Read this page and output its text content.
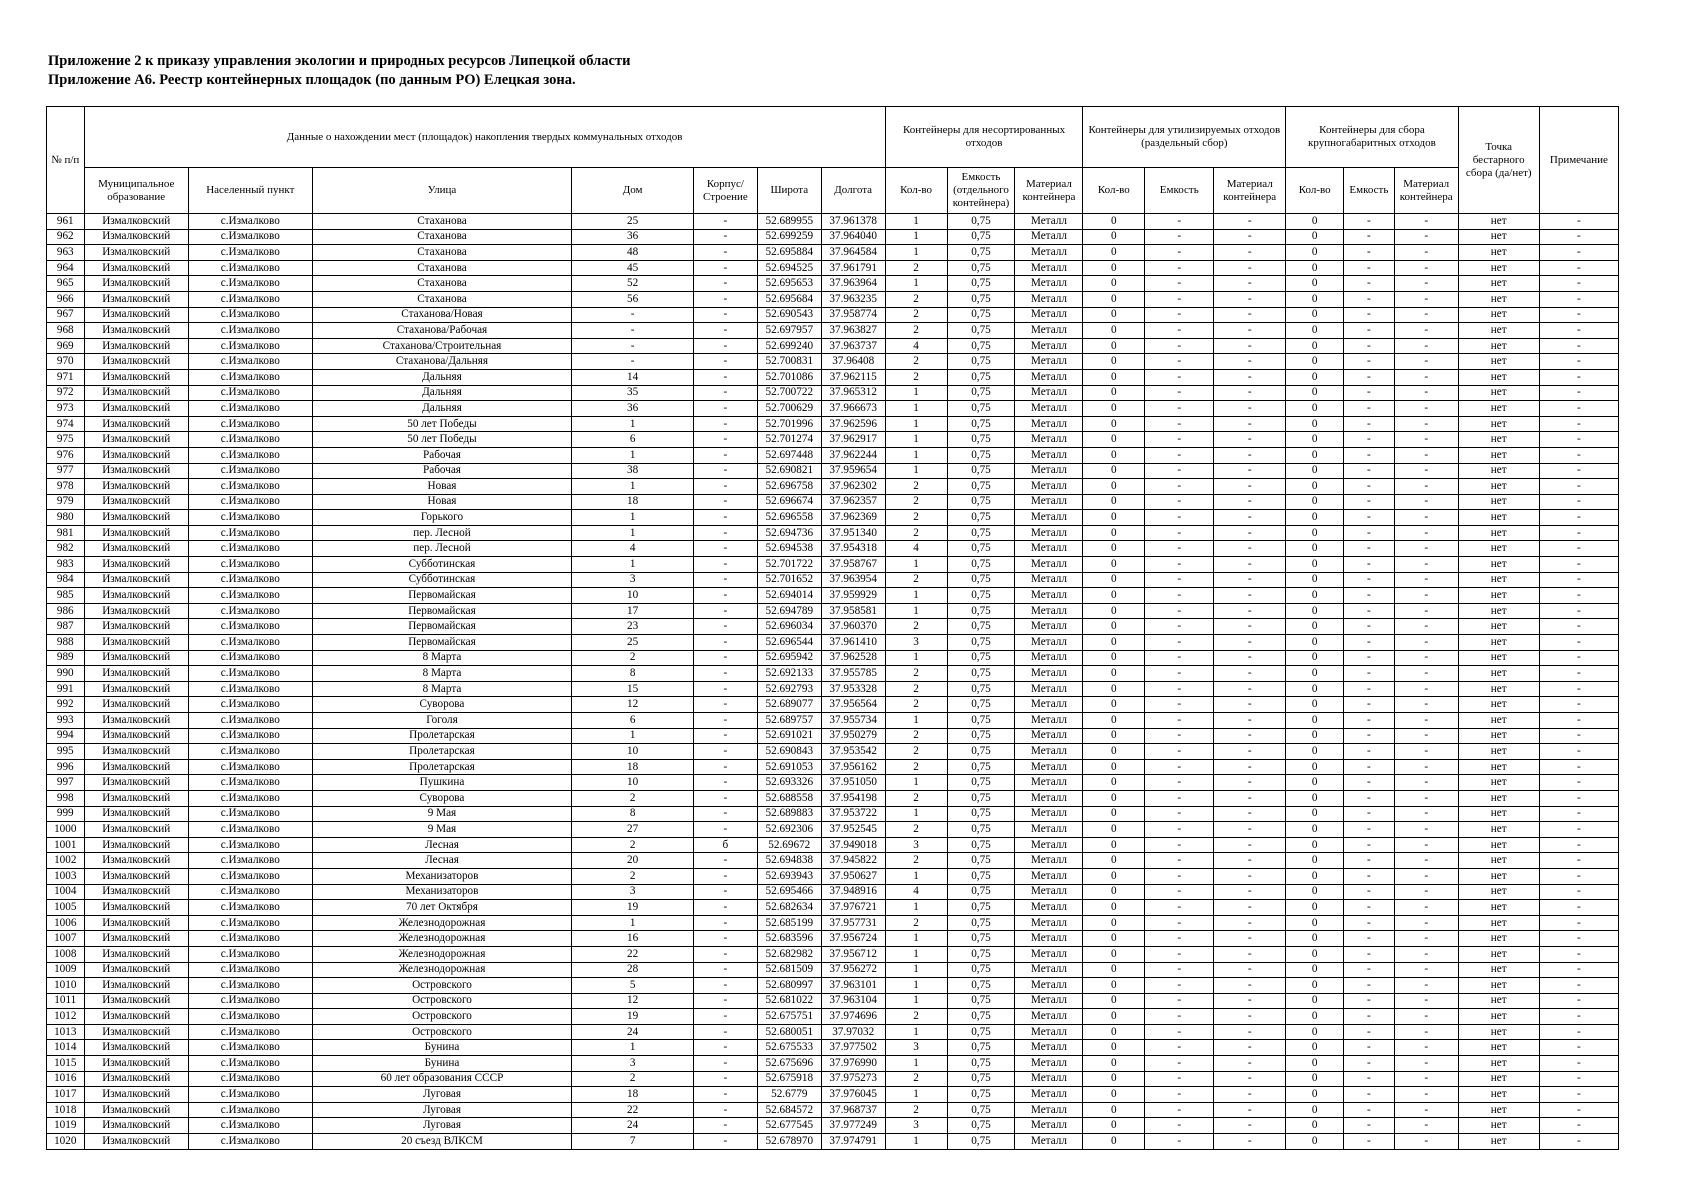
Приложение 2 к приказу управления экологии и природных ресурсов Липецкой области
Приложение А6. Реестр контейнерных площадок (по данным РО) Елецкая зона.
№ п/п	Данные о нахождении мест (площадок) накопления твердых коммунальных отходов							Контейнеры для несортированных отходов			Контейнеры для утилизируемых отходов (раздельный сбор)			Контейнеры для сбора крупногабаритных отходов			Точка бестарного сбора (да/нет)	Примечание
	Муниципальное образование	Населенный пункт	Улица	Дом	Корпус/ Строение	Широта	Долгота	Кол-во	Емкость (отдельного контейнера)	Материал контейнера	Кол-во	Емкость	Материал контейнера	Кол-во	Емкость	Материал контейнера		
961	Измалковский	с.Измалково	Стаханова	25	-	52.689955	37.961378	1	0,75	Металл	0	-	-	0	-	-	нет	-
962	Измалковский	с.Измалково	Стаханова	36	-	52.699259	37.964040	1	0,75	Металл	0	-	-	0	-	-	нет	-
963	Измалковский	с.Измалково	Стаханова	48	-	52.695884	37.964584	1	0,75	Металл	0	-	-	0	-	-	нет	-
964	Измалковский	с.Измалково	Стаханова	45	-	52.694525	37.961791	2	0,75	Металл	0	-	-	0	-	-	нет	-
965	Измалковский	с.Измалково	Стаханова	52	-	52.695653	37.963964	1	0,75	Металл	0	-	-	0	-	-	нет	-
966	Измалковский	с.Измалково	Стаханова	56	-	52.695684	37.963235	2	0,75	Металл	0	-	-	0	-	-	нет	-
967	Измалковский	с.Измалково	Стаханова/Новая	-	-	52.690543	37.958774	2	0,75	Металл	0	-	-	0	-	-	нет	-
968	Измалковский	с.Измалково	Стаханова/Рабочая	-	-	52.697957	37.963827	2	0,75	Металл	0	-	-	0	-	-	нет	-
969	Измалковский	с.Измалково	Стаханова/Строительная	-	-	52.699240	37.963737	4	0,75	Металл	0	-	-	0	-	-	нет	-
970	Измалковский	с.Измалково	Стаханова/Дальняя	-	-	52.700831	37.96408	2	0,75	Металл	0	-	-	0	-	-	нет	-
971	Измалковский	с.Измалково	Дальняя	14	-	52.701086	37.962115	2	0,75	Металл	0	-	-	0	-	-	нет	-
972	Измалковский	с.Измалково	Дальняя	35	-	52.700722	37.965312	1	0,75	Металл	0	-	-	0	-	-	нет	-
973	Измалковский	с.Измалково	Дальняя	36	-	52.700629	37.966673	1	0,75	Металл	0	-	-	0	-	-	нет	-
974	Измалковский	с.Измалково	50 лет Победы	1	-	52.701996	37.962596	1	0,75	Металл	0	-	-	0	-	-	нет	-
975	Измалковский	с.Измалково	50 лет Победы	6	-	52.701274	37.962917	1	0,75	Металл	0	-	-	0	-	-	нет	-
976	Измалковский	с.Измалково	Рабочая	1	-	52.697448	37.962244	1	0,75	Металл	0	-	-	0	-	-	нет	-
977	Измалковский	с.Измалково	Рабочая	38	-	52.690821	37.959654	1	0,75	Металл	0	-	-	0	-	-	нет	-
978	Измалковский	с.Измалково	Новая	1	-	52.696758	37.962302	2	0,75	Металл	0	-	-	0	-	-	нет	-
979	Измалковский	с.Измалково	Новая	18	-	52.696674	37.962357	2	0,75	Металл	0	-	-	0	-	-	нет	-
980	Измалковский	с.Измалково	Горького	1	-	52.696558	37.962369	2	0,75	Металл	0	-	-	0	-	-	нет	-
981	Измалковский	с.Измалково	пер. Лесной	1	-	52.694736	37.951340	2	0,75	Металл	0	-	-	0	-	-	нет	-
982	Измалковский	с.Измалково	пер. Лесной	4	-	52.694538	37.954318	4	0,75	Металл	0	-	-	0	-	-	нет	-
983	Измалковский	с.Измалково	Субботинская	1	-	52.701722	37.958767	1	0,75	Металл	0	-	-	0	-	-	нет	-
984	Измалковский	с.Измалково	Субботинская	3	-	52.701652	37.963954	2	0,75	Металл	0	-	-	0	-	-	нет	-
985	Измалковский	с.Измалково	Первомайская	10	-	52.694014	37.959929	1	0,75	Металл	0	-	-	0	-	-	нет	-
986	Измалковский	с.Измалково	Первомайская	17	-	52.694789	37.958581	1	0,75	Металл	0	-	-	0	-	-	нет	-
987	Измалковский	с.Измалково	Первомайская	23	-	52.696034	37.960370	2	0,75	Металл	0	-	-	0	-	-	нет	-
988	Измалковский	с.Измалково	Первомайская	25	-	52.696544	37.961410	3	0,75	Металл	0	-	-	0	-	-	нет	-
989	Измалковский	с.Измалково	8 Марта	2	-	52.695942	37.962528	1	0,75	Металл	0	-	-	0	-	-	нет	-
990	Измалковский	с.Измалково	8 Марта	8	-	52.692133	37.955785	2	0,75	Металл	0	-	-	0	-	-	нет	-
991	Измалковский	с.Измалково	8 Марта	15	-	52.692793	37.953328	2	0,75	Металл	0	-	-	0	-	-	нет	-
992	Измалковский	с.Измалково	Суворова	12	-	52.689077	37.956564	2	0,75	Металл	0	-	-	0	-	-	нет	-
993	Измалковский	с.Измалково	Гоголя	6	-	52.689757	37.955734	1	0,75	Металл	0	-	-	0	-	-	нет	-
994	Измалковский	с.Измалково	Пролетарская	1	-	52.691021	37.950279	2	0,75	Металл	0	-	-	0	-	-	нет	-
995	Измалковский	с.Измалково	Пролетарская	10	-	52.690843	37.953542	2	0,75	Металл	0	-	-	0	-	-	нет	-
996	Измалковский	с.Измалково	Пролетарская	18	-	52.691053	37.956162	2	0,75	Металл	0	-	-	0	-	-	нет	-
997	Измалковский	с.Измалково	Пушкина	10	-	52.693326	37.951050	1	0,75	Металл	0	-	-	0	-	-	нет	-
998	Измалковский	с.Измалково	Суворова	2	-	52.688558	37.954198	2	0,75	Металл	0	-	-	0	-	-	нет	-
999	Измалковский	с.Измалково	9 Мая	8	-	52.689883	37.953722	1	0,75	Металл	0	-	-	0	-	-	нет	-
1000	Измалковский	с.Измалково	9 Мая	27	-	52.692306	37.952545	2	0,75	Металл	0	-	-	0	-	-	нет	-
1001	Измалковский	с.Измалково	Лесная	2	б	52.69672	37.949018	3	0,75	Металл	0	-	-	0	-	-	нет	-
1002	Измалковский	с.Измалково	Лесная	20	-	52.694838	37.945822	2	0,75	Металл	0	-	-	0	-	-	нет	-
1003	Измалковский	с.Измалково	Механизаторов	2	-	52.693943	37.950627	1	0,75	Металл	0	-	-	0	-	-	нет	-
1004	Измалковский	с.Измалково	Механизаторов	3	-	52.695466	37.948916	4	0,75	Металл	0	-	-	0	-	-	нет	-
1005	Измалковский	с.Измалково	70 лет Октября	19	-	52.682634	37.976721	1	0,75	Металл	0	-	-	0	-	-	нет	-
1006	Измалковский	с.Измалково	Железнодорожная	1	-	52.685199	37.957731	2	0,75	Металл	0	-	-	0	-	-	нет	-
1007	Измалковский	с.Измалково	Железнодорожная	16	-	52.683596	37.956724	1	0,75	Металл	0	-	-	0	-	-	нет	-
1008	Измалковский	с.Измалково	Железнодорожная	22	-	52.682982	37.956712	1	0,75	Металл	0	-	-	0	-	-	нет	-
1009	Измалковский	с.Измалково	Железнодорожная	28	-	52.681509	37.956272	1	0,75	Металл	0	-	-	0	-	-	нет	-
1010	Измалковский	с.Измалково	Островского	5	-	52.680997	37.963101	1	0,75	Металл	0	-	-	0	-	-	нет	-
1011	Измалковский	с.Измалково	Островского	12	-	52.681022	37.963104	1	0,75	Металл	0	-	-	0	-	-	нет	-
1012	Измалковский	с.Измалково	Островского	19	-	52.675751	37.974696	2	0,75	Металл	0	-	-	0	-	-	нет	-
1013	Измалковский	с.Измалково	Островского	24	-	52.680051	37.97032	1	0,75	Металл	0	-	-	0	-	-	нет	-
1014	Измалковский	с.Измалково	Бунина	1	-	52.675533	37.977502	3	0,75	Металл	0	-	-	0	-	-	нет	-
1015	Измалковский	с.Измалково	Бунина	3	-	52.675696	37.976990	1	0,75	Металл	0	-	-	0	-	-	нет	-
1016	Измалковский	с.Измалково	60 лет образования СССР	2	-	52.675918	37.975273	2	0,75	Металл	0	-	-	0	-	-	нет	-
1017	Измалковский	с.Измалково	Луговая	18	-	52.6779	37.976045	1	0,75	Металл	0	-	-	0	-	-	нет	-
1018	Измалковский	с.Измалково	Луговая	22	-	52.684572	37.968737	2	0,75	Металл	0	-	-	0	-	-	нет	-
1019	Измалковский	с.Измалково	Луговая	24	-	52.677545	37.977249	3	0,75	Металл	0	-	-	0	-	-	нет	-
1020	Измалковский	с.Измалково	20 съезд ВЛКСМ	7	-	52.678970	37.974791	1	0,75	Металл	0	-	-	0	-	-	нет	-
